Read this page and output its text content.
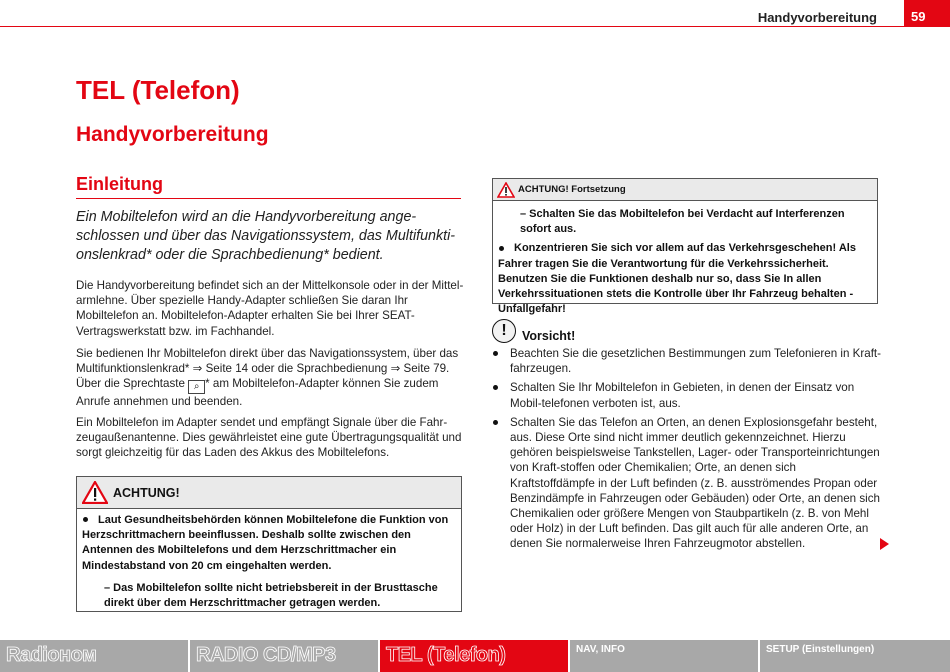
Handyvorbereitung	59
TEL (Telefon)
Handyvorbereitung
Einleitung
Ein Mobiltelefon wird an die Handyvorbereitung ange-schlossen und über das Navigationssystem, das Multifunkti-onslenkrad* oder die Sprachbedienung* bedient.
Die Handyvorbereitung befindet sich an der Mittelkonsole oder in der Mittel-armlehne. Über spezielle Handy-Adapter schließen Sie daran Ihr Mobiltelefon an. Mobiltelefon-Adapter erhalten Sie bei Ihrer SEAT-Vertragswerkstatt bzw. im Fachhandel.
Sie bedienen Ihr Mobiltelefon direkt über das Navigationssystem, über das Multifunktionslenkrad* ⇒ Seite 14 oder die Sprachbedienung ⇒ Seite 79. Über die Sprechtaste ⌕ * am Mobiltelefon-Adapter können Sie zudem Anrufe annehmen und beenden.
Ein Mobiltelefon im Adapter sendet und empfängt Signale über die Fahr-zeugaußenantenne. Dies gewährleistet eine gute Übertragungsqualität und sorgt gleichzeitig für das Laden des Akkus des Mobiltelefons.
ACHTUNG!
Laut Gesundheitsbehörden können Mobiltelefone die Funktion von Herzschrittmachern beeinflussen. Deshalb sollte zwischen den Antennen des Mobiltelefons und dem Herzschrittmacher ein Mindestabstand von 20 cm eingehalten werden.
– Das Mobiltelefon sollte nicht betriebsbereit in der Brusttasche direkt über dem Herzschrittmacher getragen werden.
ACHTUNG! Fortsetzung
– Schalten Sie das Mobiltelefon bei Verdacht auf Interferenzen sofort aus.
Konzentrieren Sie sich vor allem auf das Verkehrsgeschehen! Als Fahrer tragen Sie die Verantwortung für die Verkehrssicherheit. Benutzen Sie die Funktionen deshalb nur so, dass Sie In allen Verkehrssituationen stets die Kontrolle über Ihr Fahrzeug behalten - Unfallgefahr!
!	Vorsicht!
Beachten Sie die gesetzlichen Bestimmungen zum Telefonieren in Kraft-fahrzeugen.
Schalten Sie Ihr Mobiltelefon in Gebieten, in denen der Einsatz von Mobil-telefonen verboten ist, aus.
Schalten Sie das Telefon an Orten, an denen Explosionsgefahr besteht, aus. Diese Orte sind nicht immer deutlich gekennzeichnet. Hierzu gehören beispielsweise Tankstellen, Lager- oder Transporteinrichtungen von Kraft-stoffen oder Chemikalien; Orte, an denen sich Kraftstoffdämpfe in der Luft befinden (z. B. ausströmendes Propan oder Benzindämpfe in Fahrzeugen oder Gebäuden) oder Orte, an denen sich Chemikalien oder größere Mengen von Staubpartikeln (z. B. von Mehl oder Holz) in der Luft befinden. Das gilt auch für alle anderen Orte, an denen Sie normalerweise Ihren Fahrzeugmotor abstellen.
Radioном	RADIO CD/MP3	TEL (Telefon)	NAV, INFO	SETUP (Einstellungen)
